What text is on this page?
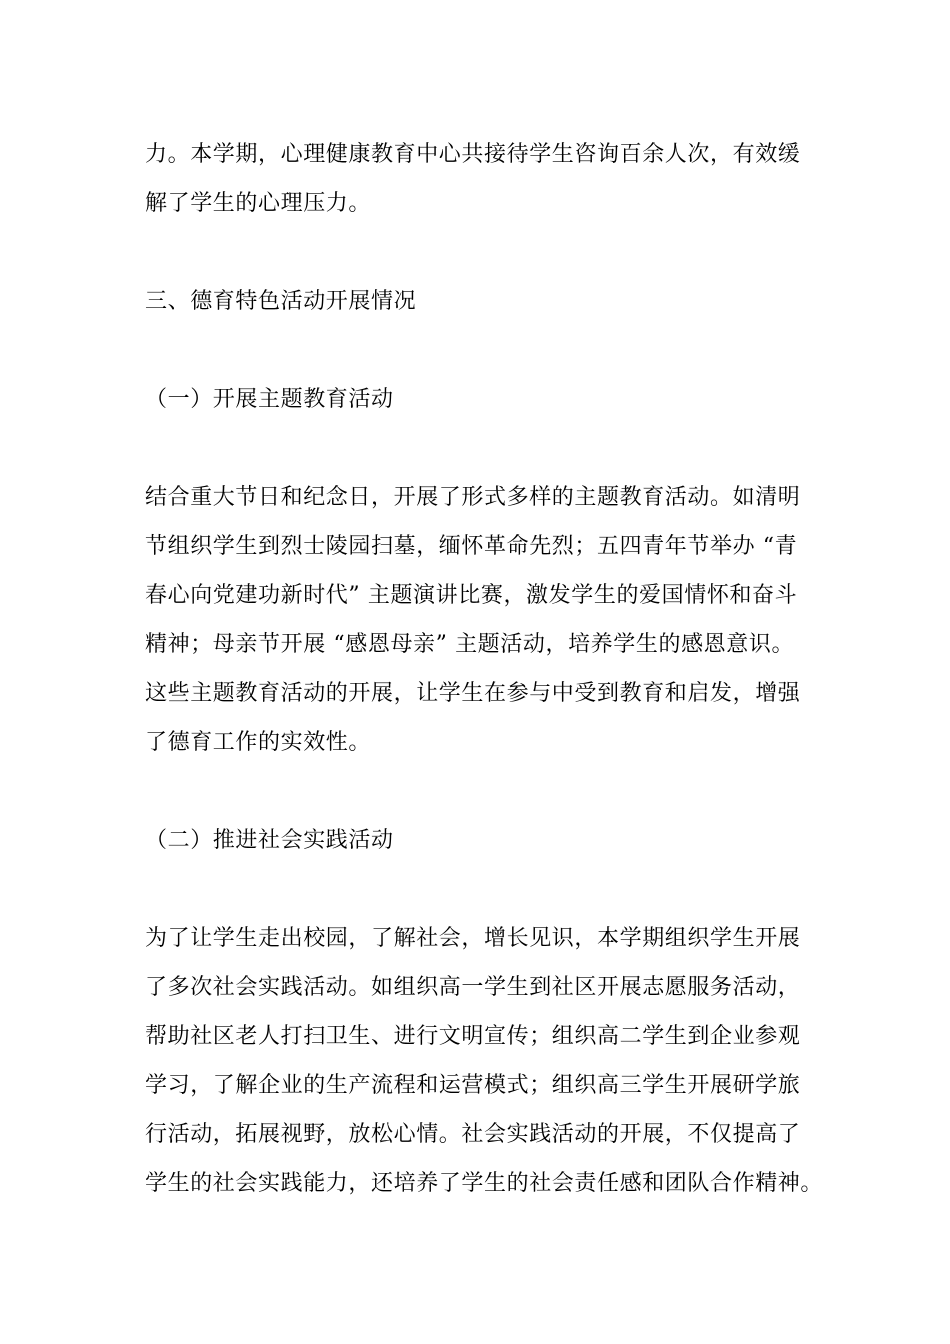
力。本学期，心理健康教育中心共接待学生咨询百余人次，有效缓
解了学生的心理压力。
三、德育特色活动开展情况
（一）开展主题教育活动
结合重大节日和纪念日，开展了形式多样的主题教育活动。如清明
节组织学生到烈士陵园扫墓，缅怀革命先烈；五四青年节举办 “青
春心向党建功新时代” 主题演讲比赛，激发学生的爱国情怀和奋斗
精神；母亲节开展 “感恩母亲” 主题活动，培养学生的感恩意识。
这些主题教育活动的开展，让学生在参与中受到教育和启发，增强
了德育工作的实效性。
（二）推进社会实践活动
为了让学生走出校园，了解社会，增长见识，本学期组织学生开展
了多次社会实践活动。如组织高一学生到社区开展志愿服务活动，
帮助社区老人打扫卫生、进行文明宣传；组织高二学生到企业参观
学习，了解企业的生产流程和运营模式；组织高三学生开展研学旅
行活动，拓展视野，放松心情。社会实践活动的开展，不仅提高了
学生的社会实践能力，还培养了学生的社会责任感和团队合作精神。
